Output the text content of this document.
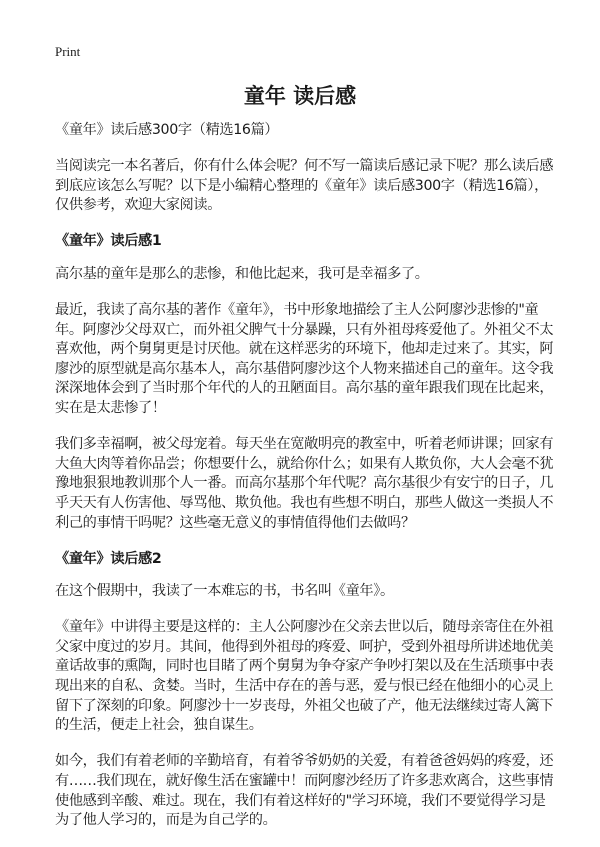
Print
童年 读后感
《童年》读后感300字（精选16篇）
当阅读完一本名著后，你有什么体会呢？何不写一篇读后感记录下呢？那么读后感
到底应该怎么写呢？以下是小编精心整理的《童年》读后感300字（精选16篇），
仅供参考，欢迎大家阅读。
《童年》读后感1
高尔基的童年是那么的悲惨，和他比起来，我可是幸福多了。
最近，我读了高尔基的著作《童年》，书中形象地描绘了主人公阿廖沙悲惨的"童
年。阿廖沙父母双亡，而外祖父脾气十分暴躁，只有外祖母疼爱他了。外祖父不太
喜欢他，两个舅舅更是讨厌他。就在这样恶劣的环境下，他却走过来了。其实，阿
廖沙的原型就是高尔基本人，高尔基借阿廖沙这个人物来描述自己的童年。这令我
深深地体会到了当时那个年代的人的丑陋面目。高尔基的童年跟我们现在比起来，
实在是太悲惨了！
我们多幸福啊，被父母宠着。每天坐在宽敞明亮的教室中，听着老师讲课；回家有
大鱼大肉等着你品尝；你想要什么，就给你什么；如果有人欺负你，大人会毫不犹
豫地狠狠地教训那个人一番。而高尔基那个年代呢？高尔基很少有安宁的日子，几
乎天天有人伤害他、辱骂他、欺负他。我也有些想不明白，那些人做这一类损人不
利己的事情干吗呢？这些毫无意义的事情值得他们去做吗？
《童年》读后感2
在这个假期中，我读了一本难忘的书，书名叫《童年》。
《童年》中讲得主要是这样的：主人公阿廖沙在父亲去世以后，随母亲寄住在外祖
父家中度过的岁月。其间，他得到外祖母的疼爱、呵护，受到外祖母所讲述地优美
童话故事的熏陶，同时也目睹了两个舅舅为争夺家产争吵打架以及在生活琐事中表
现出来的自私、贪婪。当时，生活中存在的善与恶，爱与恨已经在他细小的心灵上
留下了深刻的印象。阿廖沙十一岁丧母，外祖父也破了产，他无法继续过寄人篱下
的生活，便走上社会，独自谋生。
如今，我们有着老师的辛勤培育，有着爷爷奶奶的关爱，有着爸爸妈妈的疼爱，还
有……我们现在，就好像生活在蜜罐中！而阿廖沙经历了许多悲欢离合，这些事情
使他感到辛酸、难过。现在，我们有着这样好的"学习环境，我们不要觉得学习是
为了他人学习的，而是为自己学的。
